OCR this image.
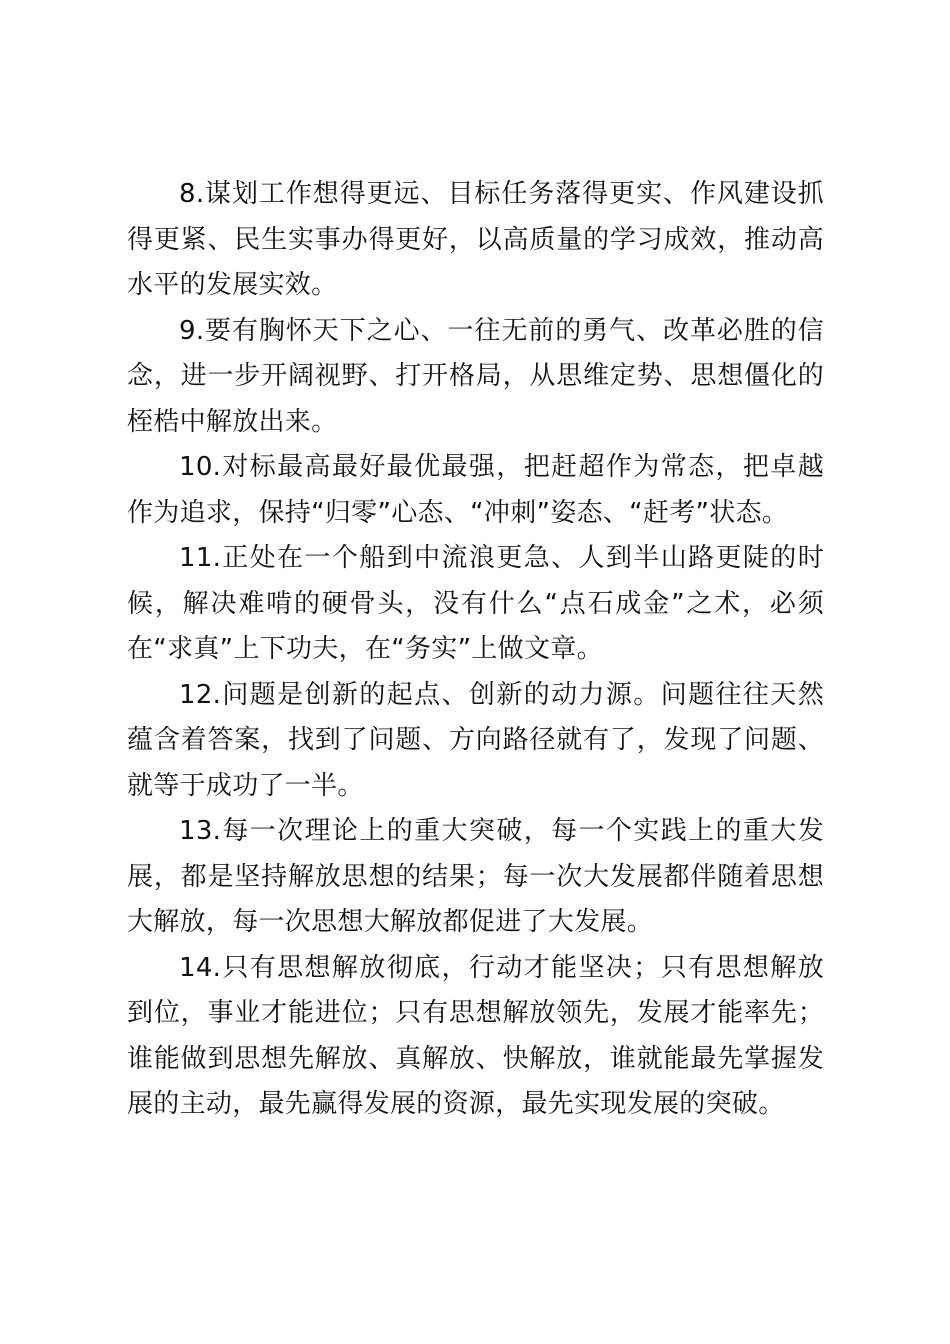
8.谋划工作想得更远、目标任务落得更实、作风建设抓得更紧、民生实事办得更好，以高质量的学习成效，推动高水平的发展实效。

9.要有胸怀天下之心、一往无前的勇气、改革必胜的信念，进一步开阔视野、打开格局，从思维定势、思想僵化的桎梏中解放出来。

10.对标最高最好最优最强，把赶超作为常态，把卓越作为追求，保持“归零”心态、“冲刺”姿态、“赶考”状态。

11.正处在一个船到中流浪更急、人到半山路更陡的时候，解决难啃的硬骨头，没有什么“点石成金”之术，必须在“求真”上下功夫，在“务实”上做文章。

12.问题是创新的起点、创新的动力源。问题往往天然蕴含着答案，找到了问题、方向路径就有了，发现了问题、就等于成功了一半。

13.每一次理论上的重大突破，每一个实践上的重大发展，都是坚持解放思想的结果；每一次大发展都伴随着思想大解放，每一次思想大解放都促进了大发展。

14.只有思想解放彻底，行动才能坚决；只有思想解放到位，事业才能进位；只有思想解放领先，发展才能率先；谁能做到思想先解放、真解放、快解放，谁就能最先掌握发展的主动，最先赢得发展的资源，最先实现发展的突破。
